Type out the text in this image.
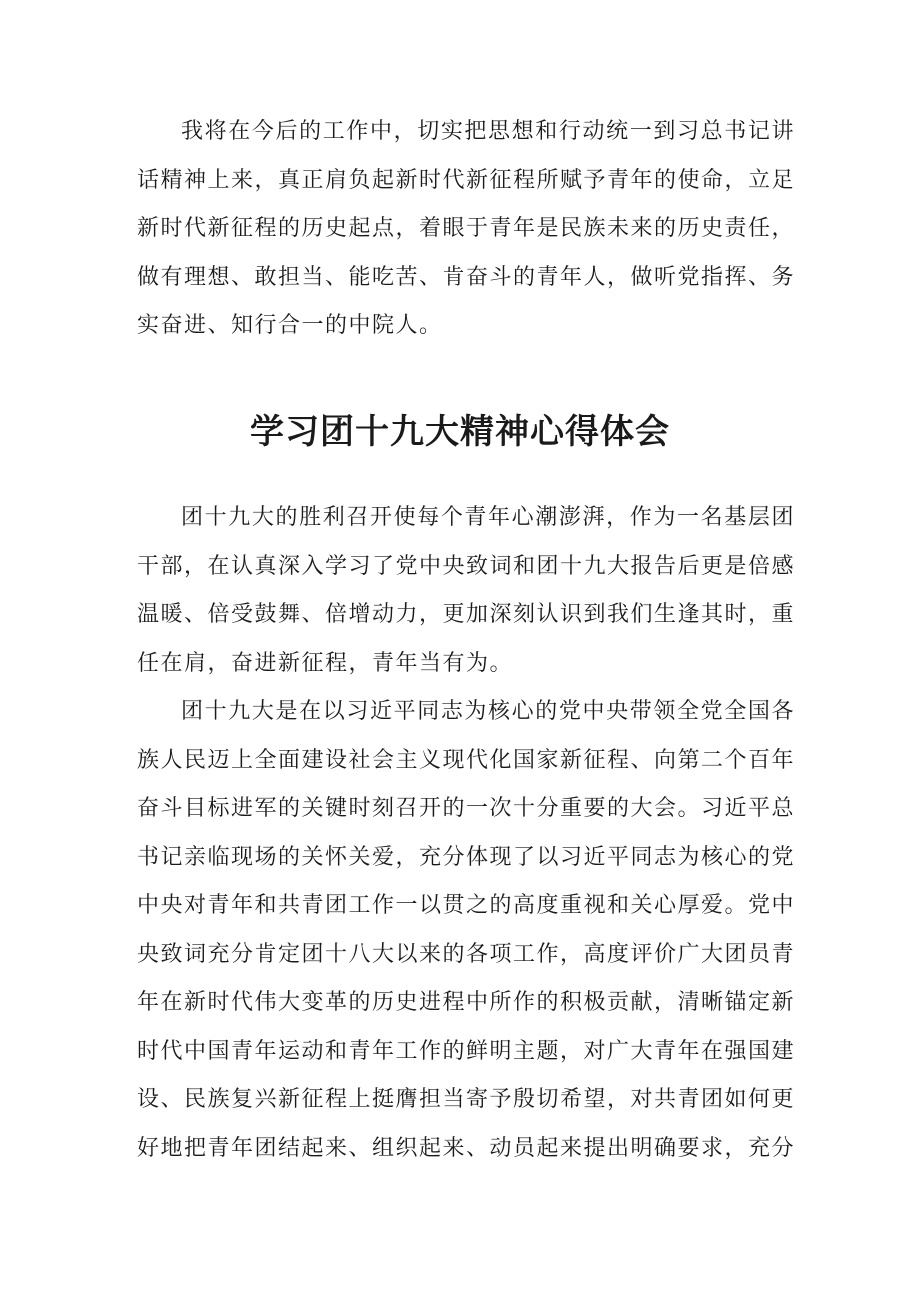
我将在今后的工作中，切实把思想和行动统一到习总书记讲话精神上来，真正肩负起新时代新征程所赋予青年的使命，立足新时代新征程的历史起点，着眼于青年是民族未来的历史责任，做有理想、敢担当、能吃苦、肯奋斗的青年人，做听党指挥、务实奋进、知行合一的中院人。

学习团十九大精神心得体会

团十九大的胜利召开使每个青年心潮澎湃，作为一名基层团干部，在认真深入学习了党中央致词和团十九大报告后更是倍感温暖、倍受鼓舞、倍增动力，更加深刻认识到我们生逢其时，重任在肩，奋进新征程，青年当有为。

团十九大是在以习近平同志为核心的党中央带领全党全国各族人民迈上全面建设社会主义现代化国家新征程、向第二个百年奋斗目标进军的关键时刻召开的一次十分重要的大会。习近平总书记亲临现场的关怀关爱，充分体现了以习近平同志为核心的党中央对青年和共青团工作一以贯之的高度重视和关心厚爱。党中央致词充分肯定团十八大以来的各项工作，高度评价广大团员青年在新时代伟大变革的历史进程中所作的积极贡献，清晰锚定新时代中国青年运动和青年工作的鲜明主题，对广大青年在强国建设、民族复兴新征程上挺膺担当寄予殷切希望，对共青团如何更好地把青年团结起来、组织起来、动员起来提出明确要求，充分
